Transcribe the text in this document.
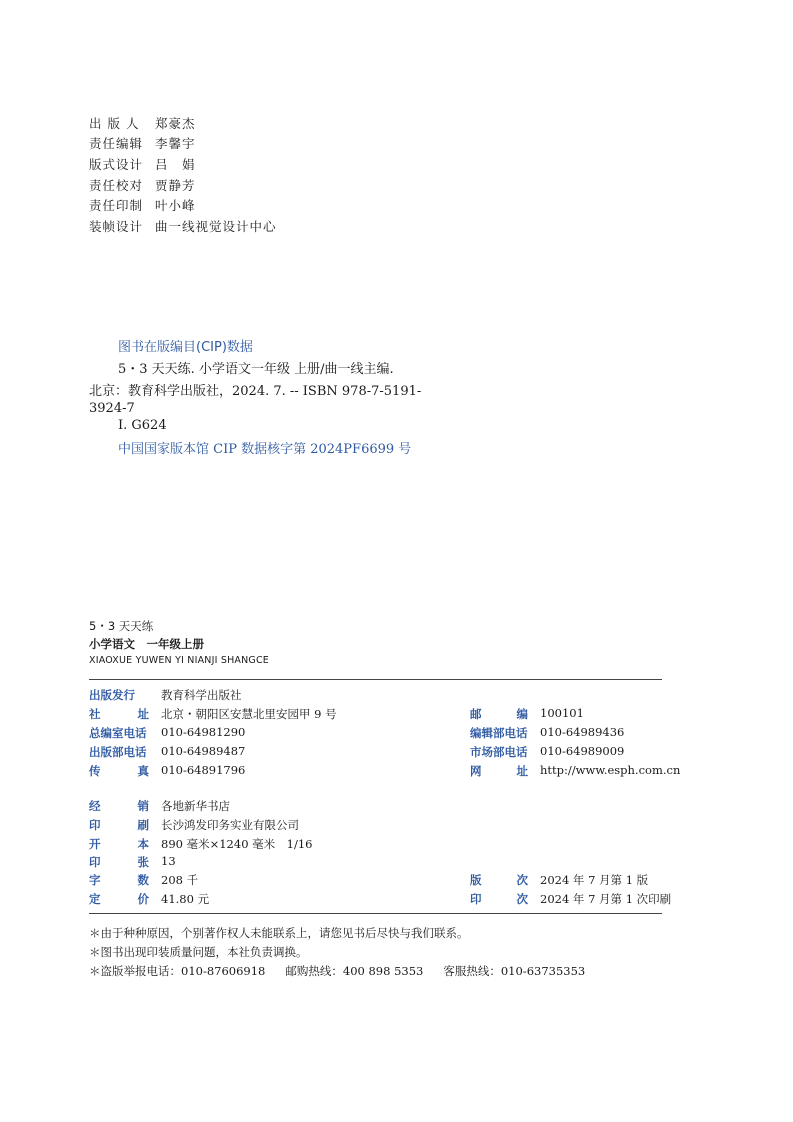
出 版 人 郑豪杰
责任编辑 李馨宇
版式设计 吕　娟
责任校对 贾静芳
责任印制 叶小峰
装帧设计 曲一线视觉设计中心
图书在版编目(CIP)数据
5・3 天天练. 小学语文一年级 上册/曲一线主编.
北京：教育科学出版社，2024. 7. -- ISBN 978-7-5191-
3924-7
Ⅰ. G624
中国国家版本馆 CIP 数据核字第 2024PF6699 号
5・3 天天练
小学语文　一年级上册
XIAOXUE YUWEN YI NIANJI SHANGCE
出版发行	教育科学出版社
社	址 北京・朝阳区安慧北里安园甲 9 号	邮	编 100101
总编室电话 010-64981290	编辑部电话 010-64989436
出版部电话 010-64989487	市场部电话 010-64989009
传	真 010-64891796	网	址 http://www.esph.com.cn
经	销 各地新华书店
印	刷 长沙鸿发印务实业有限公司
开	本 890 毫米×1240 毫米　1/16
印	张 13
字	数 208 千	版	次 2024 年 7 月第 1 版
定	价 41.80 元	印	次 2024 年 7 月第 1 次印刷
＊由于种种原因，个别著作权人未能联系上，请您见书后尽快与我们联系。
＊图书出现印装质量问题，本社负责调换。
＊盗版举报电话：010-87606918 邮购热线：400 898 5353 客服热线：010-63735353
